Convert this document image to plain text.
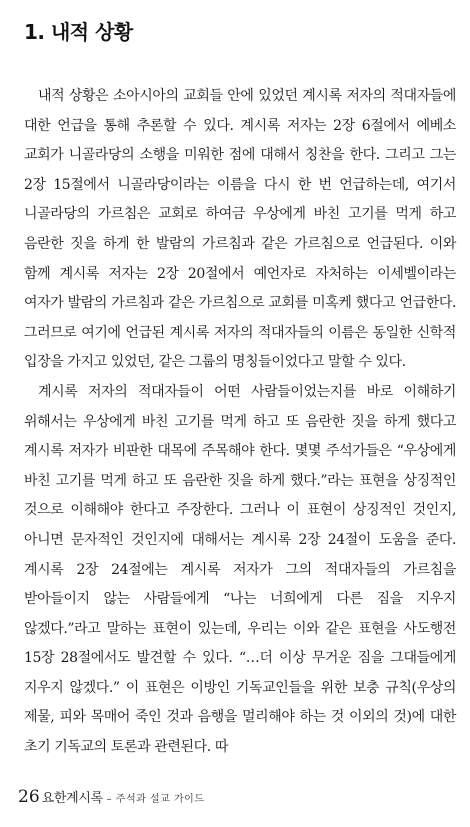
1. 내적 상황

내적 상황은 소아시아의 교회들 안에 있었던 계시록 저자의 적대자들에 대한 언급을 통해 추론할 수 있다. 계시록 저자는 2장 6절에서 에베소 교회가 니골라당의 소행을 미워한 점에 대해서 칭찬을 한다. 그리고 그는 2장 15절에서 니골라당이라는 이름을 다시 한 번 언급하는데, 여기서 니골라당의 가르침은 교회로 하여금 우상에게 바친 고기를 먹게 하고 음란한 짓을 하게 한 발람의 가르침과 같은 가르침으로 언급된다. 이와 함께 계시록 저자는 2장 20절에서 예언자로 자처하는 이세벨이라는 여자가 발람의 가르침과 같은 가르침으로 교회를 미혹케 했다고 언급한다. 그러므로 여기에 언급된 계시록 저자의 적대자들의 이름은 동일한 신학적 입장을 가지고 있었던, 같은 그룹의 명칭들이었다고 말할 수 있다.

계시록 저자의 적대자들이 어떤 사람들이었는지를 바로 이해하기 위해서는 우상에게 바친 고기를 먹게 하고 또 음란한 짓을 하게 했다고 계시록 저자가 비판한 대목에 주목해야 한다. 몇몇 주석가들은 “우상에게 바친 고기를 먹게 하고 또 음란한 짓을 하게 했다.”라는 표현을 상징적인 것으로 이해해야 한다고 주장한다. 그러나 이 표현이 상징적인 것인지, 아니면 문자적인 것인지에 대해서는 계시록 2장 24절이 도움을 준다. 계시록 2장 24절에는 계시록 저자가 그의 적대자들의 가르침을 받아들이지 않는 사람들에게 “나는 너희에게 다른 짐을 지우지 않겠다.”라고 말하는 표현이 있는데, 우리는 이와 같은 표현을 사도행전 15장 28절에서도 발견할 수 있다. “…더 이상 무거운 짐을 그대들에게 지우지 않겠다.” 이 표현은 이방인 기독교인들을 위한 보충 규칙(우상의 제물, 피와 목매어 죽인 것과 음행을 멀리해야 하는 것 이외의 것)에 대한 초기 기독교의 토론과 관련된다. 따

26 요한계시록 – 주석과 설교 가이드
